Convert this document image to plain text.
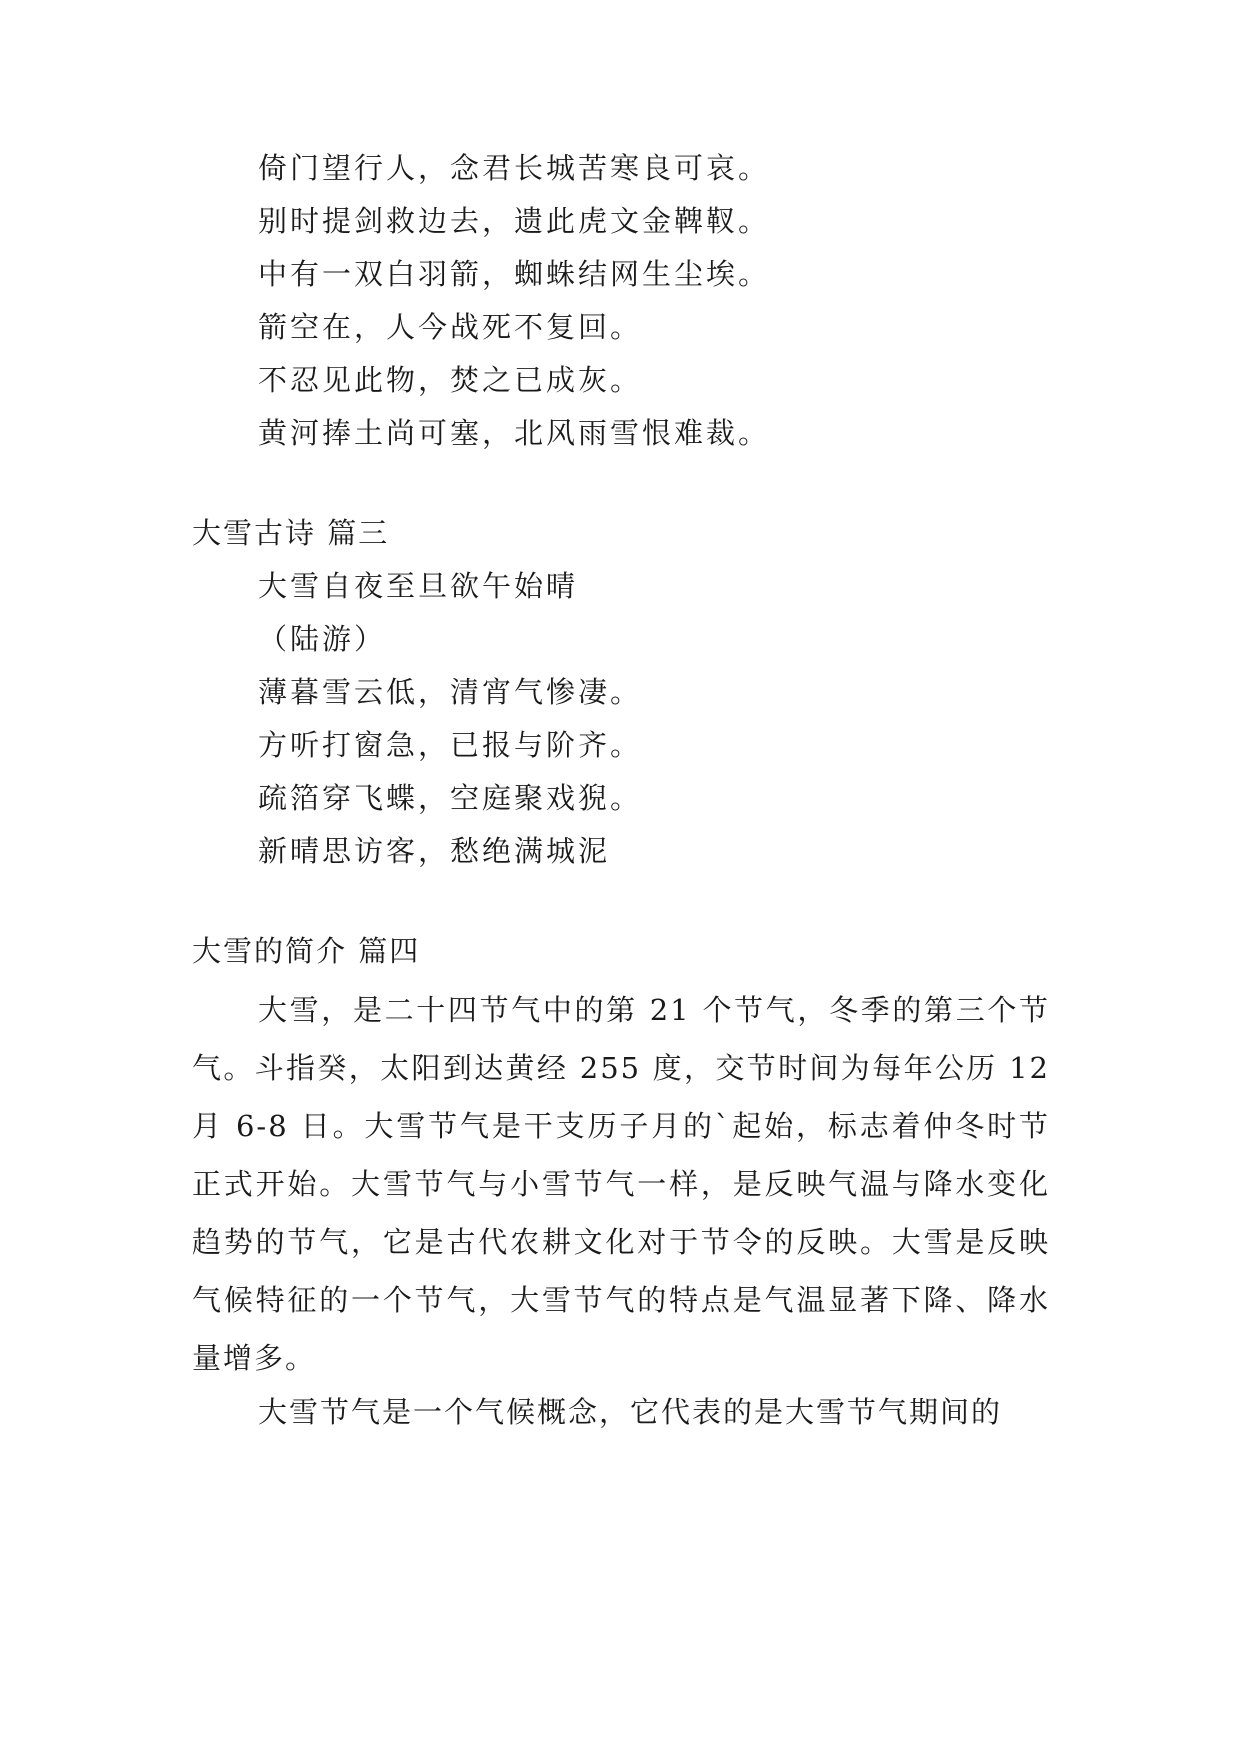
倚门望行人，念君长城苦寒良可哀。
别时提剑救边去，遗此虎文金鞞靫。
中有一双白羽箭，蜘蛛结网生尘埃。
箭空在，人今战死不复回。
不忍见此物，焚之已成灰。
黄河捧土尚可塞，北风雨雪恨难裁。
大雪古诗 篇三
大雪自夜至旦欲午始晴
（陆游）
薄暮雪云低，清宵气惨凄。
方听打窗急，已报与阶齐。
疏箔穿飞蝶，空庭聚戏猊。
新晴思访客，愁绝满城泥
大雪的简介 篇四
大雪，是二十四节气中的第 21 个节气，冬季的第三个节气。斗指癸，太阳到达黄经 255 度，交节时间为每年公历 12 月 6-8 日。大雪节气是干支历子月的`起始，标志着仲冬时节正式开始。大雪节气与小雪节气一样，是反映气温与降水变化趋势的节气，它是古代农耕文化对于节令的反映。大雪是反映气候特征的一个节气，大雪节气的特点是气温显著下降、降水量增多。
大雪节气是一个气候概念，它代表的是大雪节气期间的
